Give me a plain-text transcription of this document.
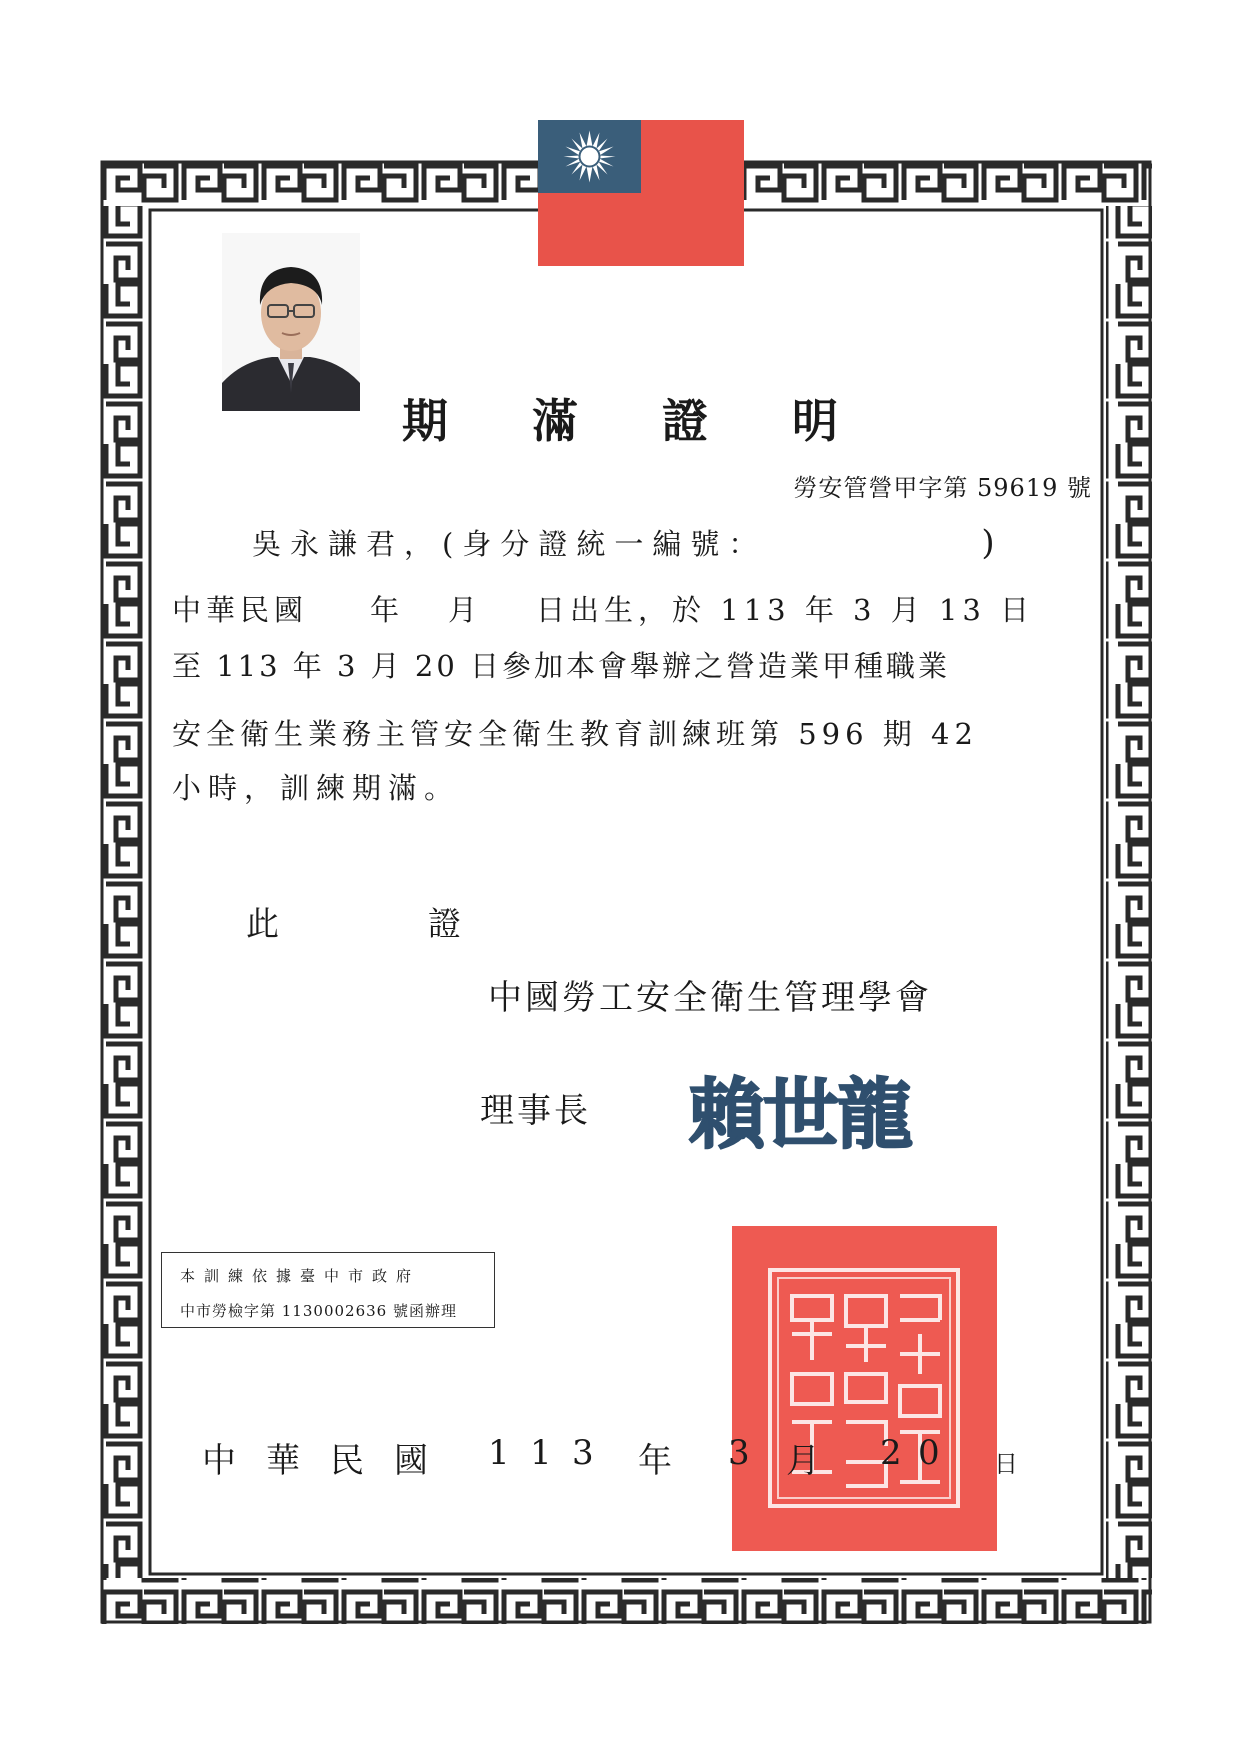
期 滿 證 明
勞安管營甲字第 59619 號
吳永謙君，(身分證統一編號：	)
中華民國 年 月 日出生，於 113 年 3 月 13 日
至 113 年 3 月 20 日參加本會舉辦之營造業甲種職業
安全衛生業務主管安全衛生教育訓練班第 596 期 42
小時，訓練期滿。
此	證
中國勞工安全衛生管理學會
理事長 賴世龍
本訓練依據臺中市政府
中市勞檢字第 1130002636 號函辦理
中 華 民 國 1 1 3 年 3 月 2 0 日
